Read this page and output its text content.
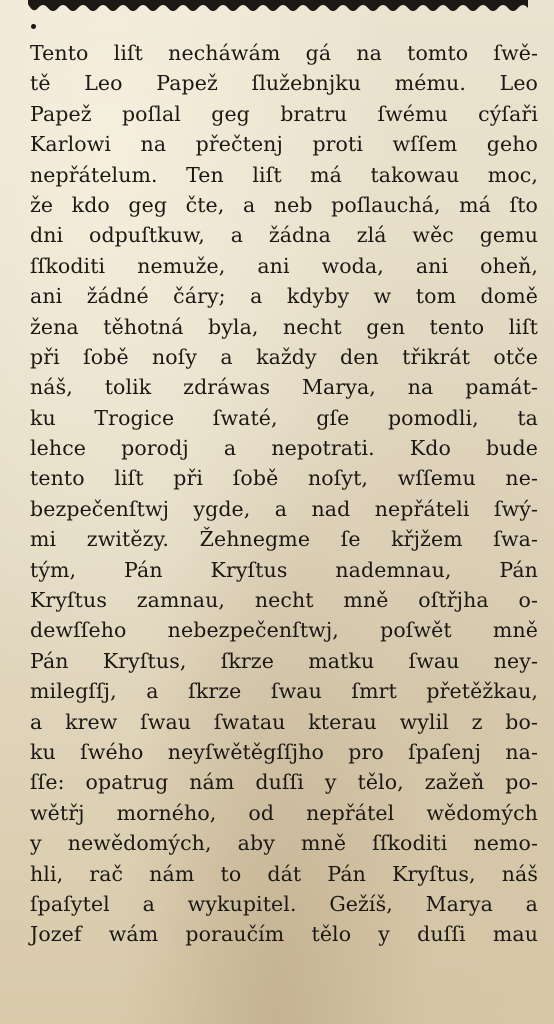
Tento liſt necháwám gá na tomto ſwě-
tě Leo Papež ſlužebnjku mému. Leo
Papež poſlal geg bratru ſwému cýſaři
Karlowi na přečtenj proti wſſem geho
nepřátelum. Ten liſt má takowau moc,
že kdo geg čte, a neb poſlauchá, má ſto
dni odpuſtkuw, a žádna zlá wěc gemu
ſſkoditi nemuže, ani woda, ani oheň,
ani žádné čáry; a kdyby w tom domě
žena těhotná byla, necht gen tento liſt
při ſobě noſy a každy den třikrát otče
náš, tolik zdráwas Marya, na památ-
ku Trogice ſwaté, gſe pomodli, ta
lehce porodj a nepotrati. Kdo bude
tento liſt při ſobě noſyt, wſſemu ne-
bezpečenſtwj ygde, a nad nepřáteli ſwý-
mi zwitězy. Žehnegme ſe křjžem ſwa-
tým, Pán Kryſtus nademnau, Pán
Kryſtus zamnau, necht mně oſtřjha o-
dewſſeho nebezpečenſtwj, poſwět mně
Pán Kryſtus, ſkrze matku ſwau ney-
milegſſj, a ſkrze ſwau ſmrt přetěžkau,
a krew ſwau ſwatau kterau wylil z bo-
ku ſwého neyſwětěgſſjho pro ſpaſenj na-
ſſe: opatrug nám duſſi y tělo, zažeň po-
wětřj morného, od nepřátel wědomých
y newědomých, aby mně ſſkoditi nemo-
hli, rač nám to dát Pán Kryſtus, náš
ſpaſytel a wykupitel. Gežíš, Marya a
Jozef wám poraučím tělo y duſſi mau
